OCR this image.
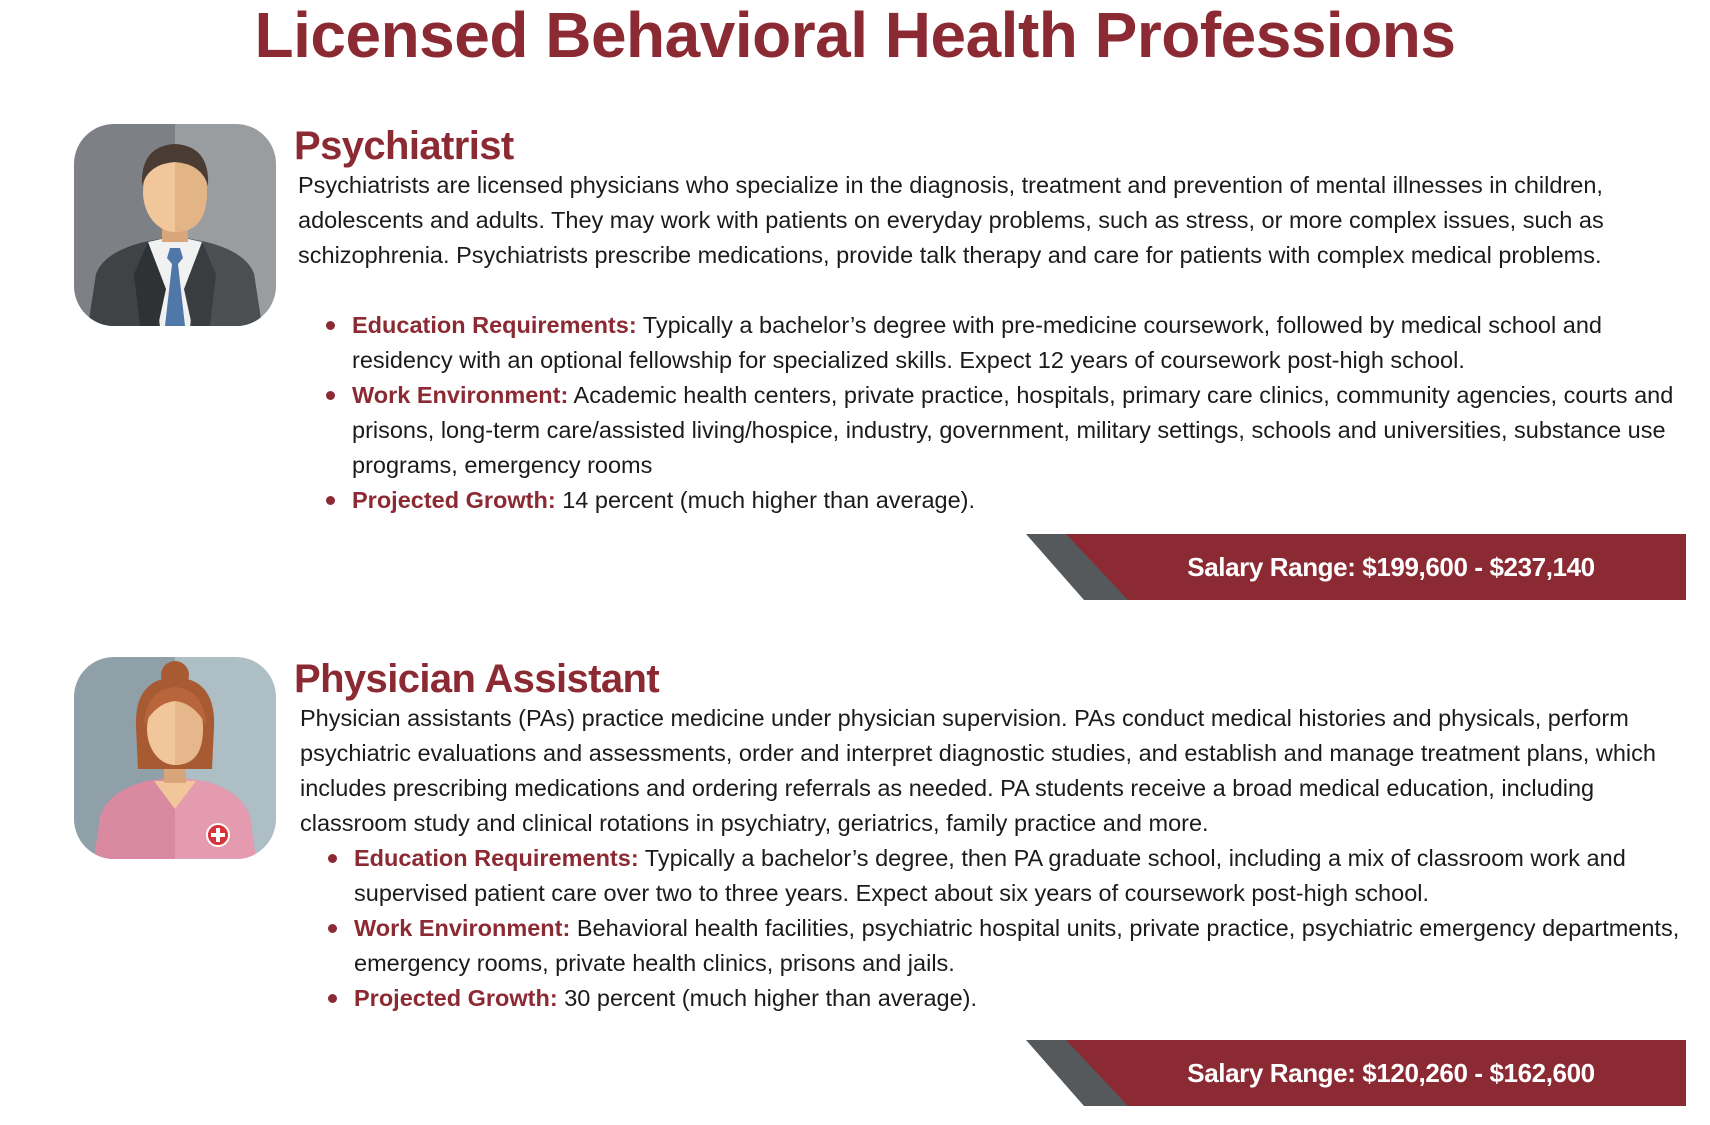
Licensed Behavioral Health Professions
Psychiatrist
Psychiatrists are licensed physicians who specialize in the diagnosis, treatment and prevention of mental illnesses in children, adolescents and adults. They may work with patients on everyday problems, such as stress, or more complex issues, such as schizophrenia. Psychiatrists prescribe medications, provide talk therapy and care for patients with complex medical problems.
Education Requirements: Typically a bachelor’s degree with pre-medicine coursework, followed by medical school and residency with an optional fellowship for specialized skills. Expect 12 years of coursework post-high school.
Work Environment: Academic health centers, private practice, hospitals, primary care clinics, community agencies, courts and prisons, long-term care/assisted living/hospice, industry, government, military settings, schools and universities, substance use programs, emergency rooms
Projected Growth: 14 percent (much higher than average).
Salary Range: $199,600 - $237,140
Physician Assistant
Physician assistants (PAs) practice medicine under physician supervision. PAs conduct medical histories and physicals, perform psychiatric evaluations and assessments, order and interpret diagnostic studies, and establish and manage treatment plans, which includes prescribing medications and ordering referrals as needed. PA students receive a broad medical education, including classroom study and clinical rotations in psychiatry, geriatrics, family practice and more.
Education Requirements: Typically a bachelor’s degree, then PA graduate school, including a mix of classroom work and supervised patient care over two to three years. Expect about six years of coursework post-high school.
Work Environment: Behavioral health facilities, psychiatric hospital units, private practice, psychiatric emergency departments, emergency rooms, private health clinics, prisons and jails.
Projected Growth: 30 percent (much higher than average).
Salary Range: $120,260 - $162,600
